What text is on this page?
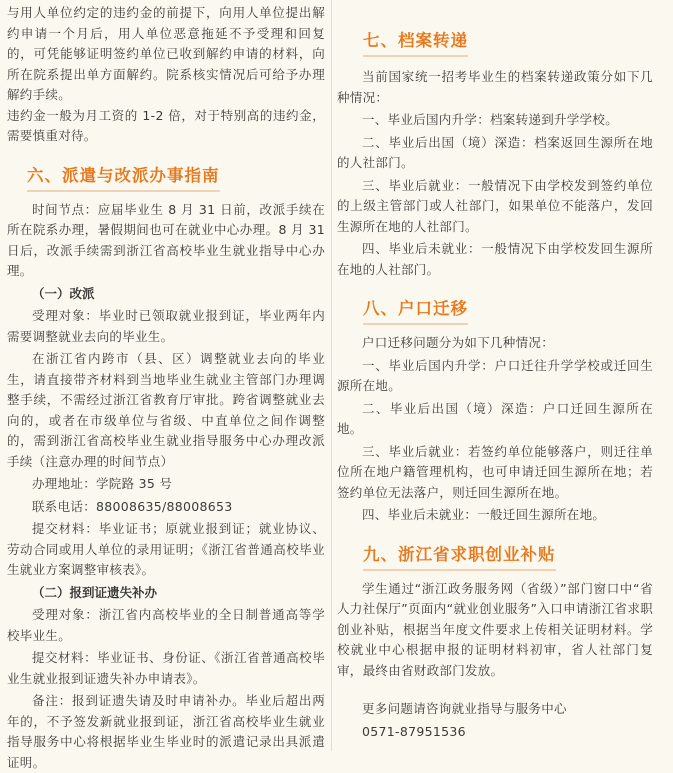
与用人单位约定的违约金的前提下，向用人单位提出解约申请一个月后，用人单位恶意拖延不予受理和回复的，可凭能够证明签约单位已收到解约申请的材料，向所在院系提出单方面解约。院系核实情况后可给予办理解约手续。

违约金一般为月工资的 1-2 倍，对于特别高的违约金，需要慎重对待。

六、派遣与改派办事指南

时间节点：应届毕业生 8 月 31 日前，改派手续在所在院系办理，暑假期间也可在就业中心办理。8 月 31 日后，改派手续需到浙江省高校毕业生就业指导中心办理。

（一）改派

受理对象：毕业时已领取就业报到证，毕业两年内需要调整就业去向的毕业生。

在浙江省内跨市（县、区）调整就业去向的毕业生，请直接带齐材料到当地毕业生就业主管部门办理调整手续，不需经过浙江省教育厅审批。跨省调整就业去向的，或者在市级单位与省级、中直单位之间作调整的，需到浙江省高校毕业生就业指导服务中心办理改派手续（注意办理的时间节点）

办理地址：学院路 35 号

联系电话：88008635/88008653

提交材料：毕业证书；原就业报到证；就业协议、劳动合同或用人单位的录用证明；《浙江省普通高校毕业生就业方案调整审核表》。

（二）报到证遗失补办

受理对象：浙江省内高校毕业的全日制普通高等学校毕业生。

提交材料：毕业证书、身份证、《浙江省普通高校毕业生就业报到证遗失补办申请表》。

备注：报到证遗失请及时申请补办。毕业后超出两年的，不予签发新就业报到证，浙江省高校毕业生就业指导服务中心将根据毕业生毕业时的派遣记录出具派遣证明。

七、档案转递

当前国家统一招考毕业生的档案转递政策分如下几种情况：

一、毕业后国内升学：档案转递到升学学校。

二、毕业后出国（境）深造：档案返回生源所在地的人社部门。

三、毕业后就业：一般情况下由学校发到签约单位的上级主管部门或人社部门，如果单位不能落户，发回生源所在地的人社部门。

四、毕业后未就业：一般情况下由学校发回生源所在地的人社部门。

八、户口迁移

户口迁移问题分为如下几种情况：

一、毕业后国内升学：户口迁往升学学校或迁回生源所在地。

二、毕业后出国（境）深造：户口迁回生源所在地。

三、毕业后就业：若签约单位能够落户，则迁往单位所在地户籍管理机构，也可申请迁回生源所在地；若签约单位无法落户，则迁回生源所在地。

四、毕业后未就业：一般迁回生源所在地。

九、浙江省求职创业补贴

学生通过“浙江政务服务网（省级）”部门窗口中“省人力社保厅”页面内“就业创业服务”入口申请浙江省求职创业补贴，根据当年度文件要求上传相关证明材料。学校就业中心根据申报的证明材料初审，省人社部门复审，最终由省财政部门发放。

更多问题请咨询就业指导与服务中心

0571-87951536
